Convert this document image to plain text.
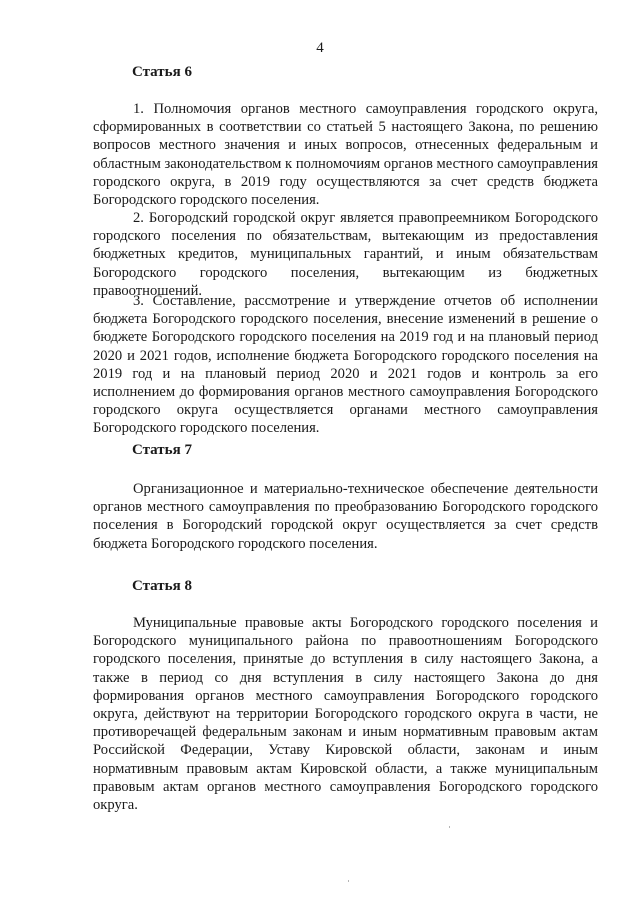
4
Статья 6

1. Полномочия органов местного самоуправления городского округа, сформированных в соответствии со статьей 5 настоящего Закона, по решению вопросов местного значения и иных вопросов, отнесенных федеральным и областным законодательством к полномочиям органов местного самоуправления городского округа, в 2019 году осуществляются за счет средств бюджета Богородского городского поселения.

2. Богородский городской округ является правопреемником Богородского городского поселения по обязательствам, вытекающим из предоставления бюджетных кредитов, муниципальных гарантий, и иным обязательствам Богородского городского поселения, вытекающим из бюджетных правоотношений.

3. Составление, рассмотрение и утверждение отчетов об исполнении бюджета Богородского городского поселения, внесение изменений в решение о бюджете Богородского городского поселения на 2019 год и на плановый период 2020 и 2021 годов, исполнение бюджета Богородского городского поселения на 2019 год и на плановый период 2020 и 2021 годов и контроль за его исполнением до формирования органов местного самоуправления Богородского городского округа осуществляется органами местного самоуправления Богородского городского поселения.

Статья 7

Организационное и материально-техническое обеспечение деятельности органов местного самоуправления по преобразованию Богородского городского поселения в Богородский городской округ осуществляется за счет средств бюджета Богородского городского поселения.

Статья 8

Муниципальные правовые акты Богородского городского поселения и Богородского муниципального района по правоотношениям Богородского городского поселения, принятые до вступления в силу настоящего Закона, а также в период со дня вступления в силу настоящего Закона до дня формирования органов местного самоуправления Богородского городского округа, действуют на территории Богородского городского округа в части, не противоречащей федеральным законам и иным нормативным правовым актам Российской Федерации, Уставу Кировской области, законам и иным нормативным правовым актам Кировской области, а также муниципальным правовым актам органов местного самоуправления Богородского городского округа.
